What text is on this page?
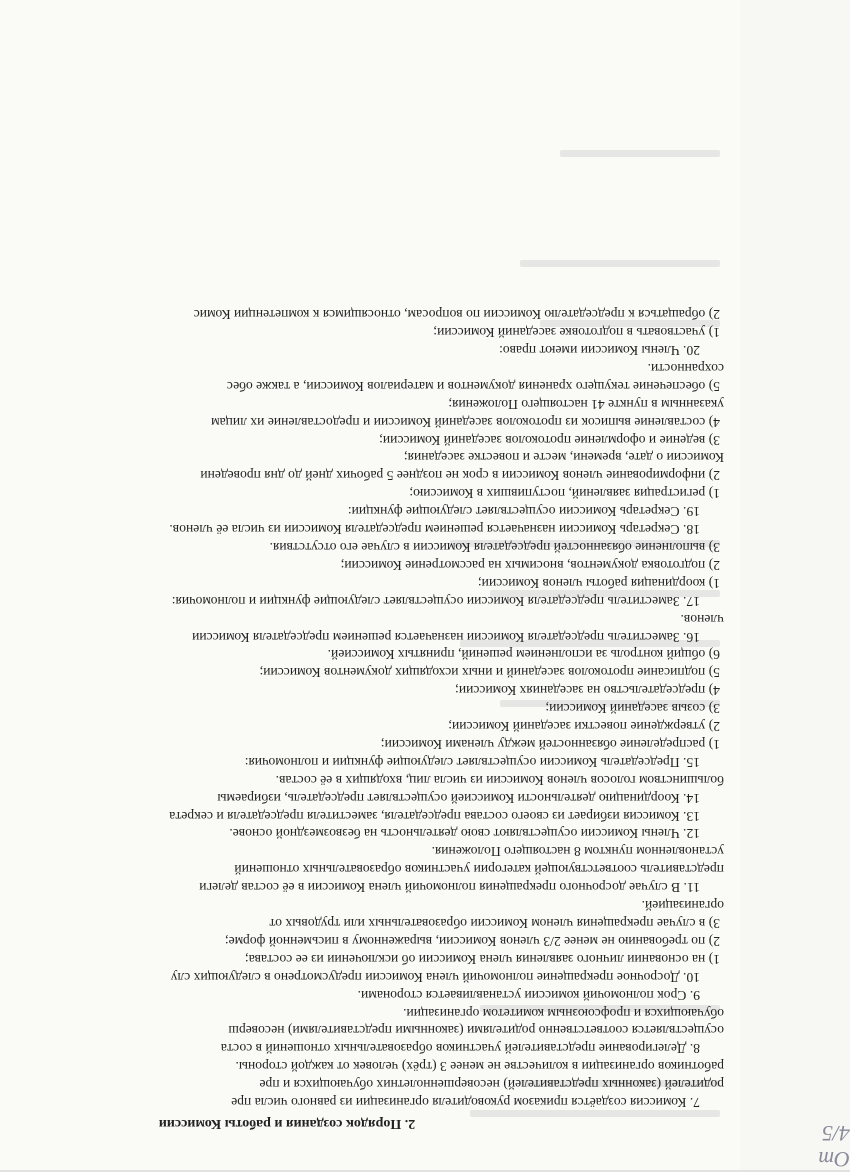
От 4/5
2. Порядок создания и работы Комиссии
7. Комиссия создаётся приказом руководителя организации из равного числа пре
родителей (законных представителей) несовершеннолетних обучающихся и пре
работников организации в количестве не менее 3 (трёх) человек от каждой стороны.
8. Делегирование представителей участников образовательных отношений в соста
осуществляется соответственно родителями (законными представителями) несоверш
обучающихся и профсоюзным комитетом организации.
9. Срок полномочий комиссии устанавливается сторонами.
10. Досрочное прекращение полномочий члена Комиссии предусмотрено в следующих слу
1) на основании личного заявления члена Комиссии об исключении из ее состава;
2) по требованию не менее 2/3 членов Комиссии, выраженному в письменной форме;
3) в случае прекращения членом Комиссии образовательных или трудовых от
организацией.
11. В случае досрочного прекращения полномочий члена Комиссии в её состав делеги
представитель соответствующей категории участников образовательных отношений
установленном пунктом 8 настоящего Положения.
12. Члены Комиссии осуществляют свою деятельность на безвозмездной основе.
13. Комиссия избирает из своего состава председателя, заместителя председателя и секрета
14. Координацию деятельности Комиссией осуществляет председатель, избираемы
большинством голосов членов Комиссии из числа лиц, входящих в её состав.
15. Председатель Комиссии осуществляет следующие функции и полномочия:
1) распределение обязанностей между членами Комиссии;
2) утверждение повестки заседаний Комиссии;
3) созыв заседаний Комиссии;
4) председательство на заседаниях Комиссии;
5) подписание протоколов заседаний и иных исходящих документов Комиссии;
6) общий контроль за исполнением решений, принятых Комиссией.
16. Заместитель председателя Комиссии назначается решением председателя Комиссии
членов.
17. Заместитель председателя Комиссии осуществляет следующие функции и полномочия:
1) координация работы членов Комиссии;
2) подготовка документов, вносимых на рассмотрение Комиссии;
3) выполнение обязанностей председателя Комиссии в случае его отсутствия.
18. Секретарь Комиссии назначается решением председателя Комиссии из числа её членов.
19. Секретарь Комиссии осуществляет следующие функции:
1) регистрация заявлений, поступивших в Комиссию;
2) информирование членов Комиссии в срок не позднее 5 рабочих дней до дня проведени
Комиссии о дате, времени, месте и повестке заседания;
3) ведение и оформление протоколов заседаний Комиссии;
4) составление выписок из протоколов заседаний Комиссии и предоставление их лицам
указанным в пункте 41 настоящего Положения;
5) обеспечение текущего хранения документов и материалов Комиссии, а также обес
сохранности.
20. Члены Комиссии имеют право:
1) участвовать в подготовке заседаний Комиссии;
2) обращаться к председателю Комиссии по вопросам, относящимся к компетенции Комис
